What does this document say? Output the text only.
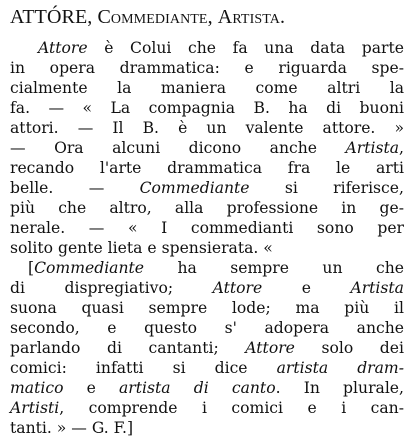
ATTÓRE, Commediante, Artista.
Attore è Colui che fa una data parte
in opera drammatica: e riguarda spe-
cialmente la maniera come altri la
fa. — « La compagnia B. ha di buoni
attori. — Il B. è un valente attore. »
— Ora alcuni dicono anche Artista,
recando l'arte drammatica fra le arti
belle. — Commediante si riferisce,
più che altro, alla professione in ge-
nerale. — « I commedianti sono per
solito gente lieta e spensierata. «
[Commediante ha sempre un che
di dispregiativo; Attore e Artista
suona quasi sempre lode; ma più il
secondo, e questo s' adopera anche
parlando di cantanti; Attore solo dei
comici: infatti si dice artista dram-
matico e artista di canto. In plurale,
Artisti, comprende i comici e i can-
tanti. » — G. F.]
